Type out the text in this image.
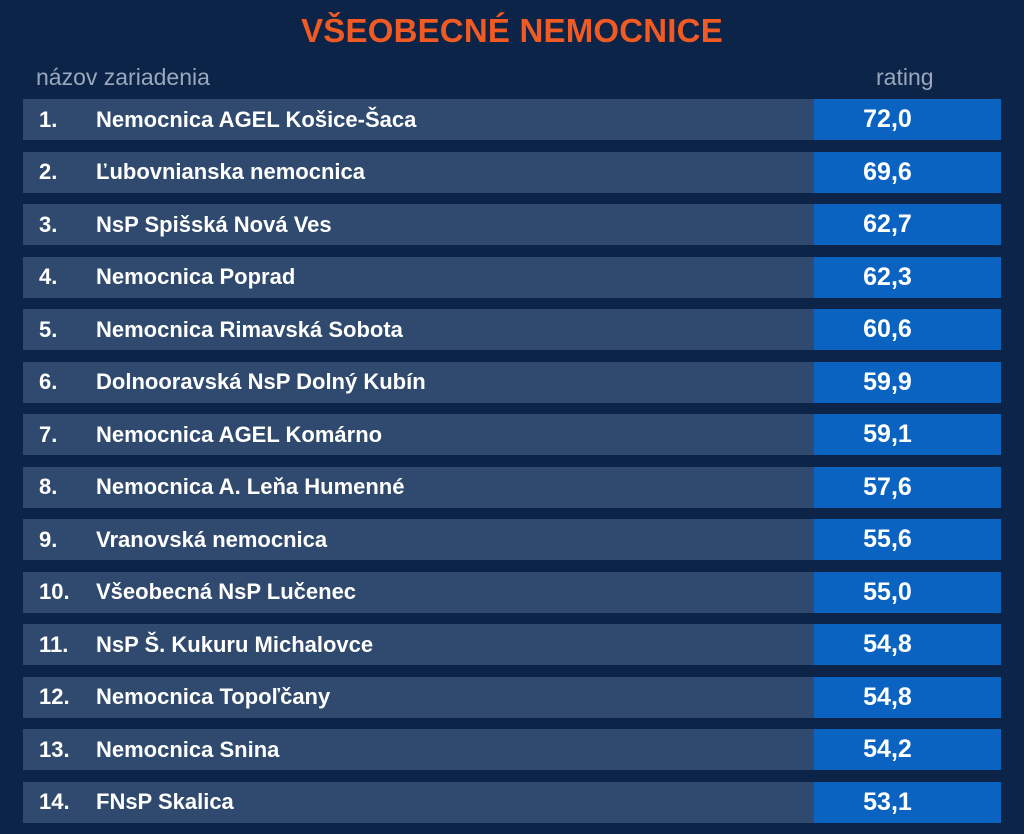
VŠEOBECNÉ NEMOCNICE
názov zariadenia	rating
1.	Nemocnica AGEL Košice-Šaca	72,0
2.	Ľubovnianska nemocnica	69,6
3.	NsP Spišská Nová Ves	62,7
4.	Nemocnica Poprad	62,3
5.	Nemocnica Rimavská Sobota	60,6
6.	Dolnooravská NsP Dolný Kubín	59,9
7.	Nemocnica AGEL Komárno	59,1
8.	Nemocnica A. Leňa Humenné	57,6
9.	Vranovská nemocnica	55,6
10.	Všeobecná NsP Lučenec	55,0
11.	NsP Š. Kukuru Michalovce	54,8
12.	Nemocnica Topoľčany	54,8
13.	Nemocnica Snina	54,2
14.	FNsP Skalica	53,1
